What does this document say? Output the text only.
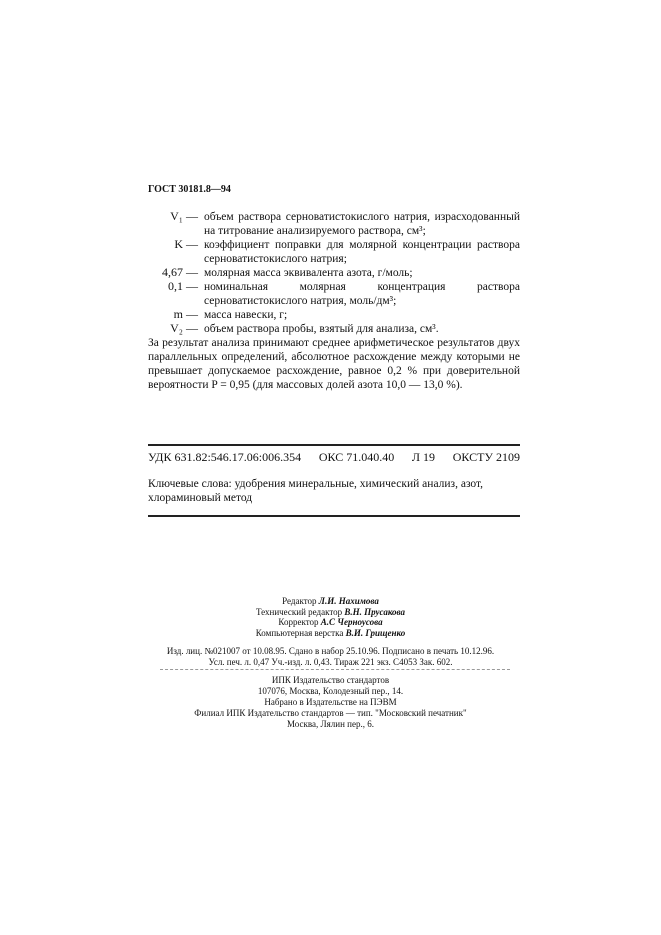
ГОСТ 30181.8—94
V₁ — объем раствора серноватистокислого натрия, израсходованный на титрование анализируемого раствора, см³;
K — коэффициент поправки для молярной концентрации раствора серноватистокислого натрия;
4,67 — молярная масса эквивалента азота, г/моль;
0,1 — номинальная молярная концентрация раствора серноватистокислого натрия, моль/дм³;
m — масса навески, г;
V₂ — объем раствора пробы, взятый для анализа, см³.
За результат анализа принимают среднее арифметическое результатов двух параллельных определений, абсолютное расхождение между которыми не превышает допускаемое расхождение, равное 0,2 % при доверительной вероятности P = 0,95 (для массовых долей азота 10,0 — 13,0 %).
УДК 631.82:546.17.06:006.354 ОКС 71.040.40 Л 19 ОКСТУ 2109
Ключевые слова: удобрения минеральные, химический анализ, азот, хлораминовый метод
Редактор Л.И. Нахимова
Технический редактор В.Н. Прусакова
Корректор А.С Черноусова
Компьютерная верстка В.И. Грищенко
Изд. лиц. №021007 от 10.08.95. Сдано в набор 25.10.96. Подписано в печать 10.12.96.
Усл. печ. л. 0,47 Уч.-изд. л. 0,43. Тираж 221 экз. С4053 Зак. 602.
ИПК Издательство стандартов
107076, Москва, Колодезный пер., 14.
Набрано в Издательстве на ПЭВМ
Филиал ИПК Издательство стандартов — тип. "Московский печатник"
Москва, Лялин пер., 6.
